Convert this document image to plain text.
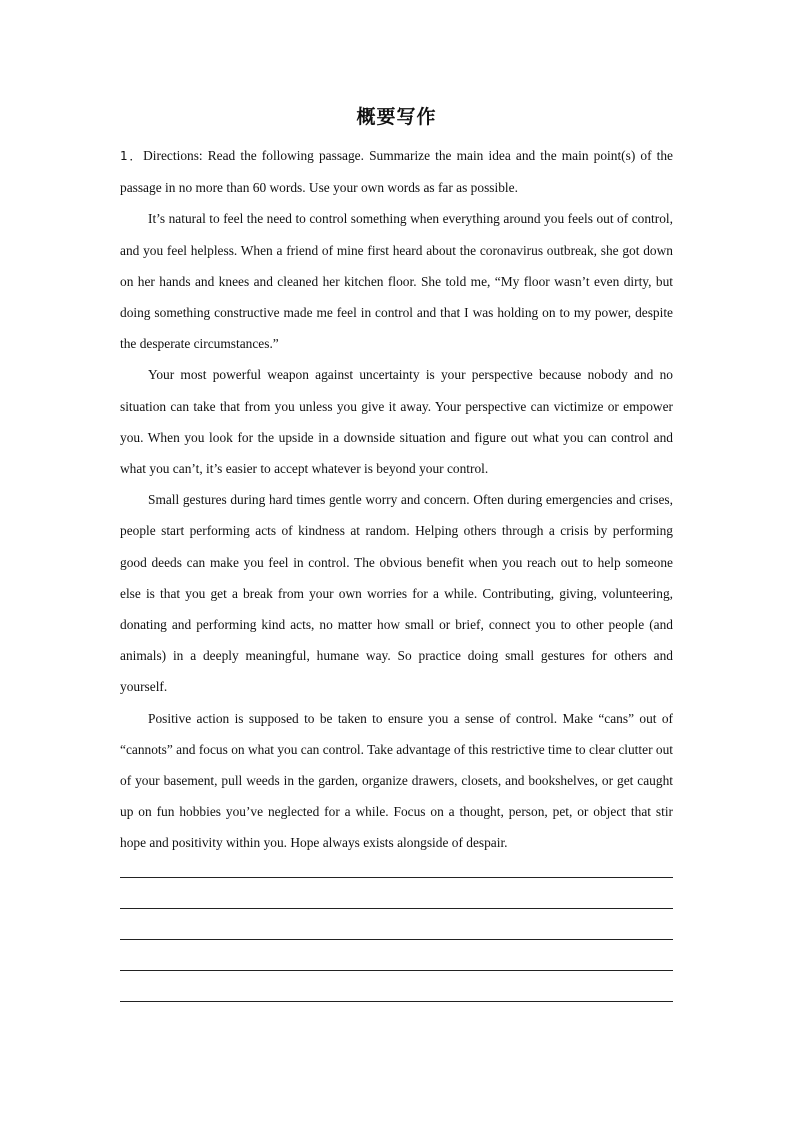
概要写作

1．Directions: Read the following passage. Summarize the main idea and the main point(s) of the passage in no more than 60 words. Use your own words as far as possible.

It’s natural to feel the need to control something when everything around you feels out of control, and you feel helpless. When a friend of mine first heard about the coronavirus outbreak, she got down on her hands and knees and cleaned her kitchen floor. She told me, “My floor wasn’t even dirty, but doing something constructive made me feel in control and that I was holding on to my power, despite the desperate circumstances.”

Your most powerful weapon against uncertainty is your perspective because nobody and no situation can take that from you unless you give it away. Your perspective can victimize or empower you. When you look for the upside in a downside situation and figure out what you can control and what you can’t, it’s easier to accept whatever is beyond your control.

Small gestures during hard times gentle worry and concern. Often during emergencies and crises, people start performing acts of kindness at random. Helping others through a crisis by performing good deeds can make you feel in control. The obvious benefit when you reach out to help someone else is that you get a break from your own worries for a while. Contributing, giving, volunteering, donating and performing kind acts, no matter how small or brief, connect you to other people (and animals) in a deeply meaningful, humane way. So practice doing small gestures for others and yourself.

Positive action is supposed to be taken to ensure you a sense of control. Make “cans” out of “cannots” and focus on what you can control. Take advantage of this restrictive time to clear clutter out of your basement, pull weeds in the garden, organize drawers, closets, and bookshelves, or get caught up on fun hobbies you’ve neglected for a while. Focus on a thought, person, pet, or object that stir hope and positivity within you. Hope always exists alongside of despair.
